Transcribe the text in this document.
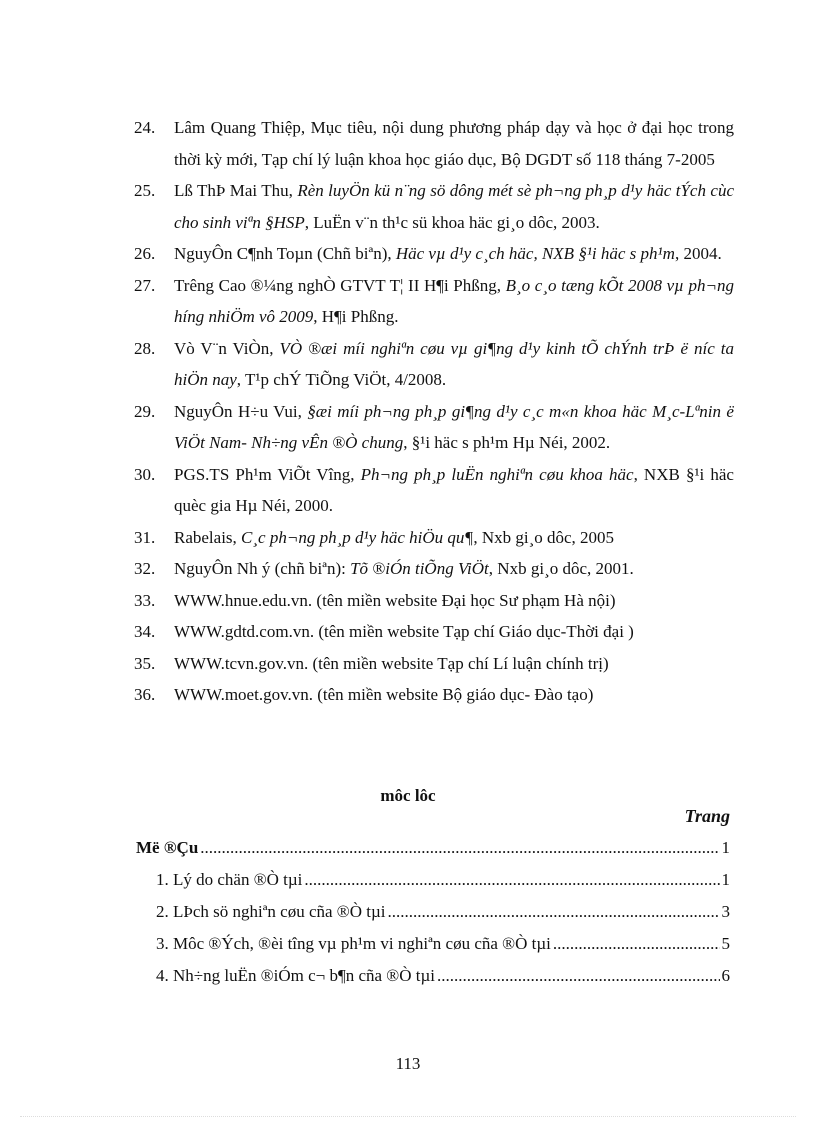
24.	Lâm Quang Thiệp, Mục tiêu, nội dung phương pháp dạy và học ở đại học trong thời kỳ mới, Tạp chí lý luận khoa học giáo dục, Bộ DGDT số 118 tháng 7-2005
25.	Lß ThÞ Mai Thu, Rèn luyÖn kü n¨ng sö dông mét sè ph¬ng ph¸p d¹y häc tÝch cùc cho sinh viªn §HSP, LuËn v¨n th¹c sü khoa häc gi¸o dôc, 2003.
26.	NguyÔn C¶nh Toµn (Chñ biªn), Häc vµ d¹y c¸ch häc, NXB §¹i häc s ph¹m, 2004.
27.	Trêng Cao ®¼ng nghÒ GTVT T¦ II H¶i Phßng, B¸o c¸o tæng kÕt 2008 vµ ph¬ng híng nhiÖm vô 2009, H¶i Phßng.
28.	Vò V¨n ViÒn, VÒ ®æi míi nghiªn cøu vµ gi¶ng d¹y kinh tÕ chÝnh trÞ ë níc ta hiÖn nay, T¹p chÝ TiÕng ViÖt, 4/2008.
29.	NguyÔn H÷u Vui, §æi míi ph¬ng ph¸p gi¶ng d¹y c¸c m«n khoa häc M¸c-Lªnin ë ViÖt Nam- Nh÷ng vÊn ®Ò chung, §¹i häc s ph¹m Hµ Néi, 2002.
30.	PGS.TS Ph¹m ViÕt Vîng, Ph¬ng ph¸p luËn nghiªn cøu khoa häc, NXB §¹i häc quèc gia Hµ Néi, 2000.
31.	Rabelais, C¸c ph¬ng ph¸p d¹y häc hiÖu qu¶, Nxb gi¸o dôc, 2005
32.	NguyÔn Nh ý (chñ biªn): Tõ ®iÓn tiÕng ViÖt, Nxb gi¸o dôc, 2001.
33.	WWW.hnue.edu.vn. (tên miền website Đại học Sư phạm Hà nội)
34.	WWW.gdtd.com.vn. (tên miền website Tạp chí Giáo dục-Thời đại )
35.	WWW.tcvn.gov.vn. (tên miền website Tạp chí Lí luận chính trị)
36.	WWW.moet.gov.vn. (tên miền website Bộ giáo dục- Đào tạo)
môc lôc
Trang
Më ®Çu .....	1
1. Lý do chän ®Ò tµi .....	1
2. LÞch sö nghiªn cøu cña ®Ò tµi .....	3
3. Môc ®Ých, ®èi tîng vµ ph¹m vi nghiªn cøu cña ®Ò tµi .....	5
4. Nh÷ng luËn ®iÓm c¬ b¶n cña ®Ò tµi .....	6
113
